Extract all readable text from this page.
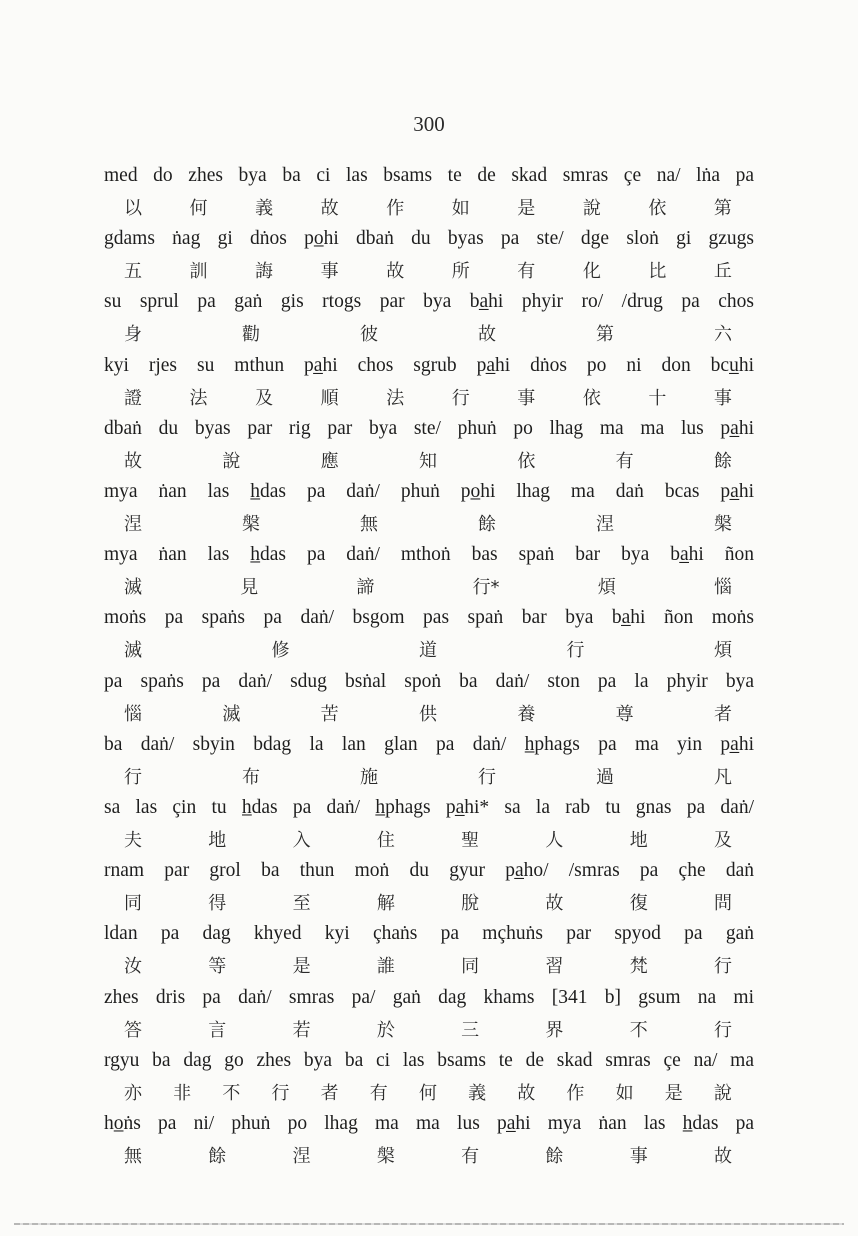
300
med do zhes bya ba ci las bsams te de skad smras çe na/ lṅa pa
以	何	義	故	作	如	是	說	依	第
gdams ṅag gi dṅos po̲hi dbaṅ du byas pa ste/ dge sloṅ gi gzugs
五	訓	誨	事	故	所	有	化	比	丘
su sprul pa gaṅ gis rtogs par bya ba̲hi phyir ro/ /drug pa chos
身	勸	彼	故	第	六
kyi rjes su mthun pa̲hi chos sgrub pa̲hi dṅos po ni don bcu̲hi
證	法	及	順	法	行	事	依	十	事
dbaṅ du byas par rig par bya ste/ phuṅ po lhag ma ma lus pa̲hi
故	說	應	知	依	有	餘
mya ṅan las h̲das pa daṅ/ phuṅ po̲hi lhag ma daṅ bcas pa̲hi
涅	槃	無	餘	涅	槃
mya ṅan las h̲das pa daṅ/ mthoṅ bas spaṅ bar bya ba̲hi ñon
滅	見	諦	行*	煩	惱
moṅs pa spaṅs pa daṅ/ bsgom pas spaṅ bar bya ba̲hi ñon moṅs
滅	修	道	行	煩
pa spaṅs pa daṅ/ sdug bsṅal spoṅ ba daṅ/ ston pa la phyir bya
惱	滅	苦	供	養	尊	者
ba daṅ/ sbyin bdag la lan glan pa daṅ/ h̲phags pa ma yin pa̲hi
行	布	施	行	過	凡
sa las çin tu h̲das pa daṅ/ h̲phags pa̲hi* sa la rab tu gnas pa daṅ/
夫	地	入	住	聖	人	地	及
rnam par grol ba thun moṅ du gyur pa̲ho/ /smras pa çhe daṅ
同	得	至	解	脫	故	復	問
ldan pa dag khyed kyi çhaṅs pa mçhuṅs par spyod pa gaṅ
汝	等	是	誰	同	習	梵	行
zhes dris pa daṅ/ smras pa/ gaṅ dag khams [341 b] gsum na mi
答	言	若	於	三	界	不	行
rgyu ba dag go zhes bya ba ci las bsams te de skad smras çe na/ ma
亦 非 不 行 者 有 何 義 故 作 如 是 說
ho̲ṅs pa ni/ phuṅ po lhag ma ma lus pa̲hi mya ṅan las h̲das pa
無	餘	涅	槃	有	餘	事	故
